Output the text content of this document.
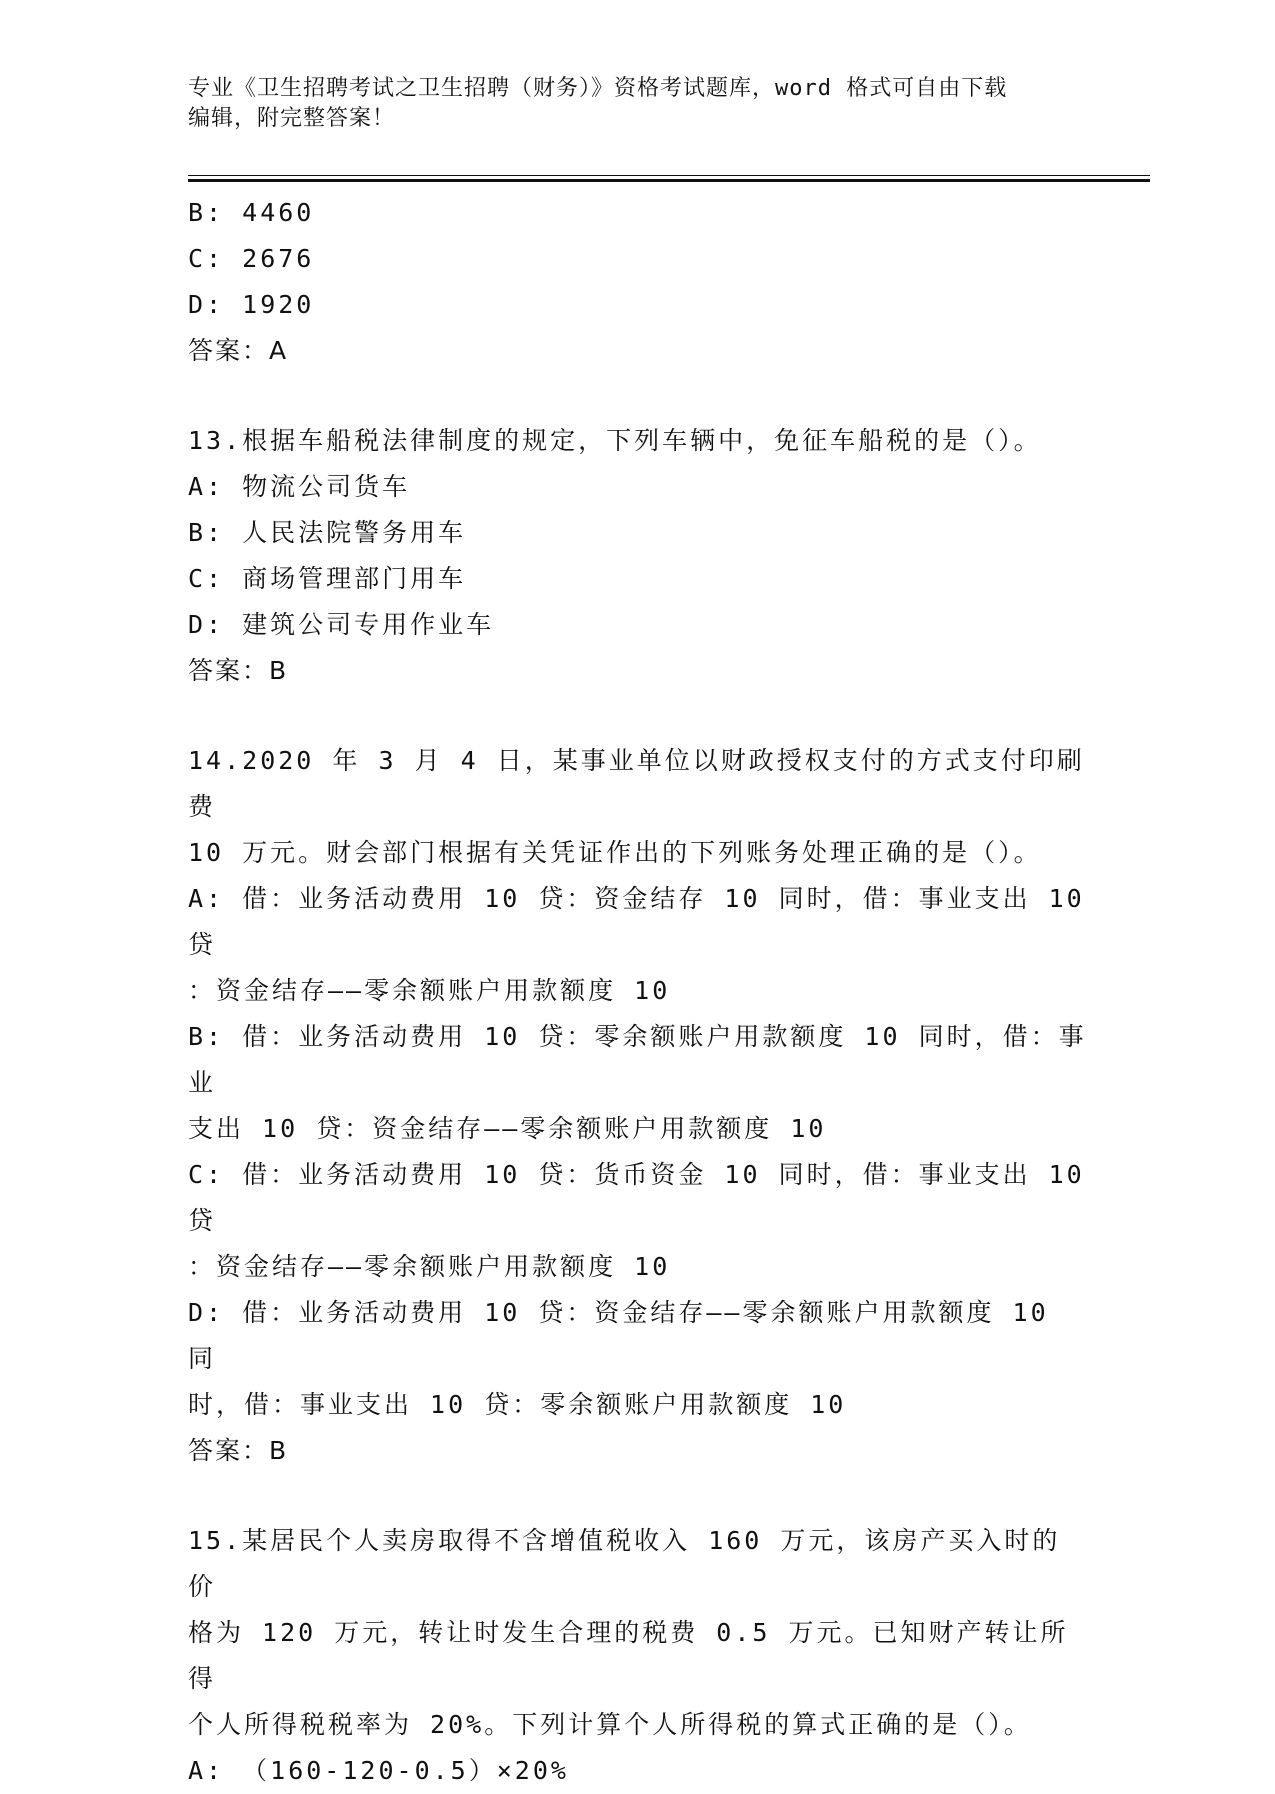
专业《卫生招聘考试之卫生招聘（财务）》资格考试题库，word 格式可自由下载
编辑，附完整答案！
B: 4460
C: 2676
D: 1920
答案：A
13.根据车船税法律制度的规定，下列车辆中，免征车船税的是（）。
A: 物流公司货车
B: 人民法院警务用车
C: 商场管理部门用车
D: 建筑公司专用作业车
答案：B
14.2020 年 3 月 4 日，某事业单位以财政授权支付的方式支付印刷费
10 万元。财会部门根据有关凭证作出的下列账务处理正确的是（）。
A: 借：业务活动费用 10 贷：资金结存 10 同时，借：事业支出 10 贷
：资金结存——零余额账户用款额度 10
B: 借：业务活动费用 10 贷：零余额账户用款额度 10 同时，借：事业
支出 10 贷：资金结存——零余额账户用款额度 10
C: 借：业务活动费用 10 贷：货币资金 10 同时，借：事业支出 10 贷
：资金结存——零余额账户用款额度 10
D: 借：业务活动费用 10 贷：资金结存——零余额账户用款额度 10 同
时，借：事业支出 10 贷：零余额账户用款额度 10
答案：B
15.某居民个人卖房取得不含增值税收入 160 万元，该房产买入时的价
格为 120 万元，转让时发生合理的税费 0.5 万元。已知财产转让所得
个人所得税税率为 20%。下列计算个人所得税的算式正确的是（）。
A: （160-120-0.5）×20%
